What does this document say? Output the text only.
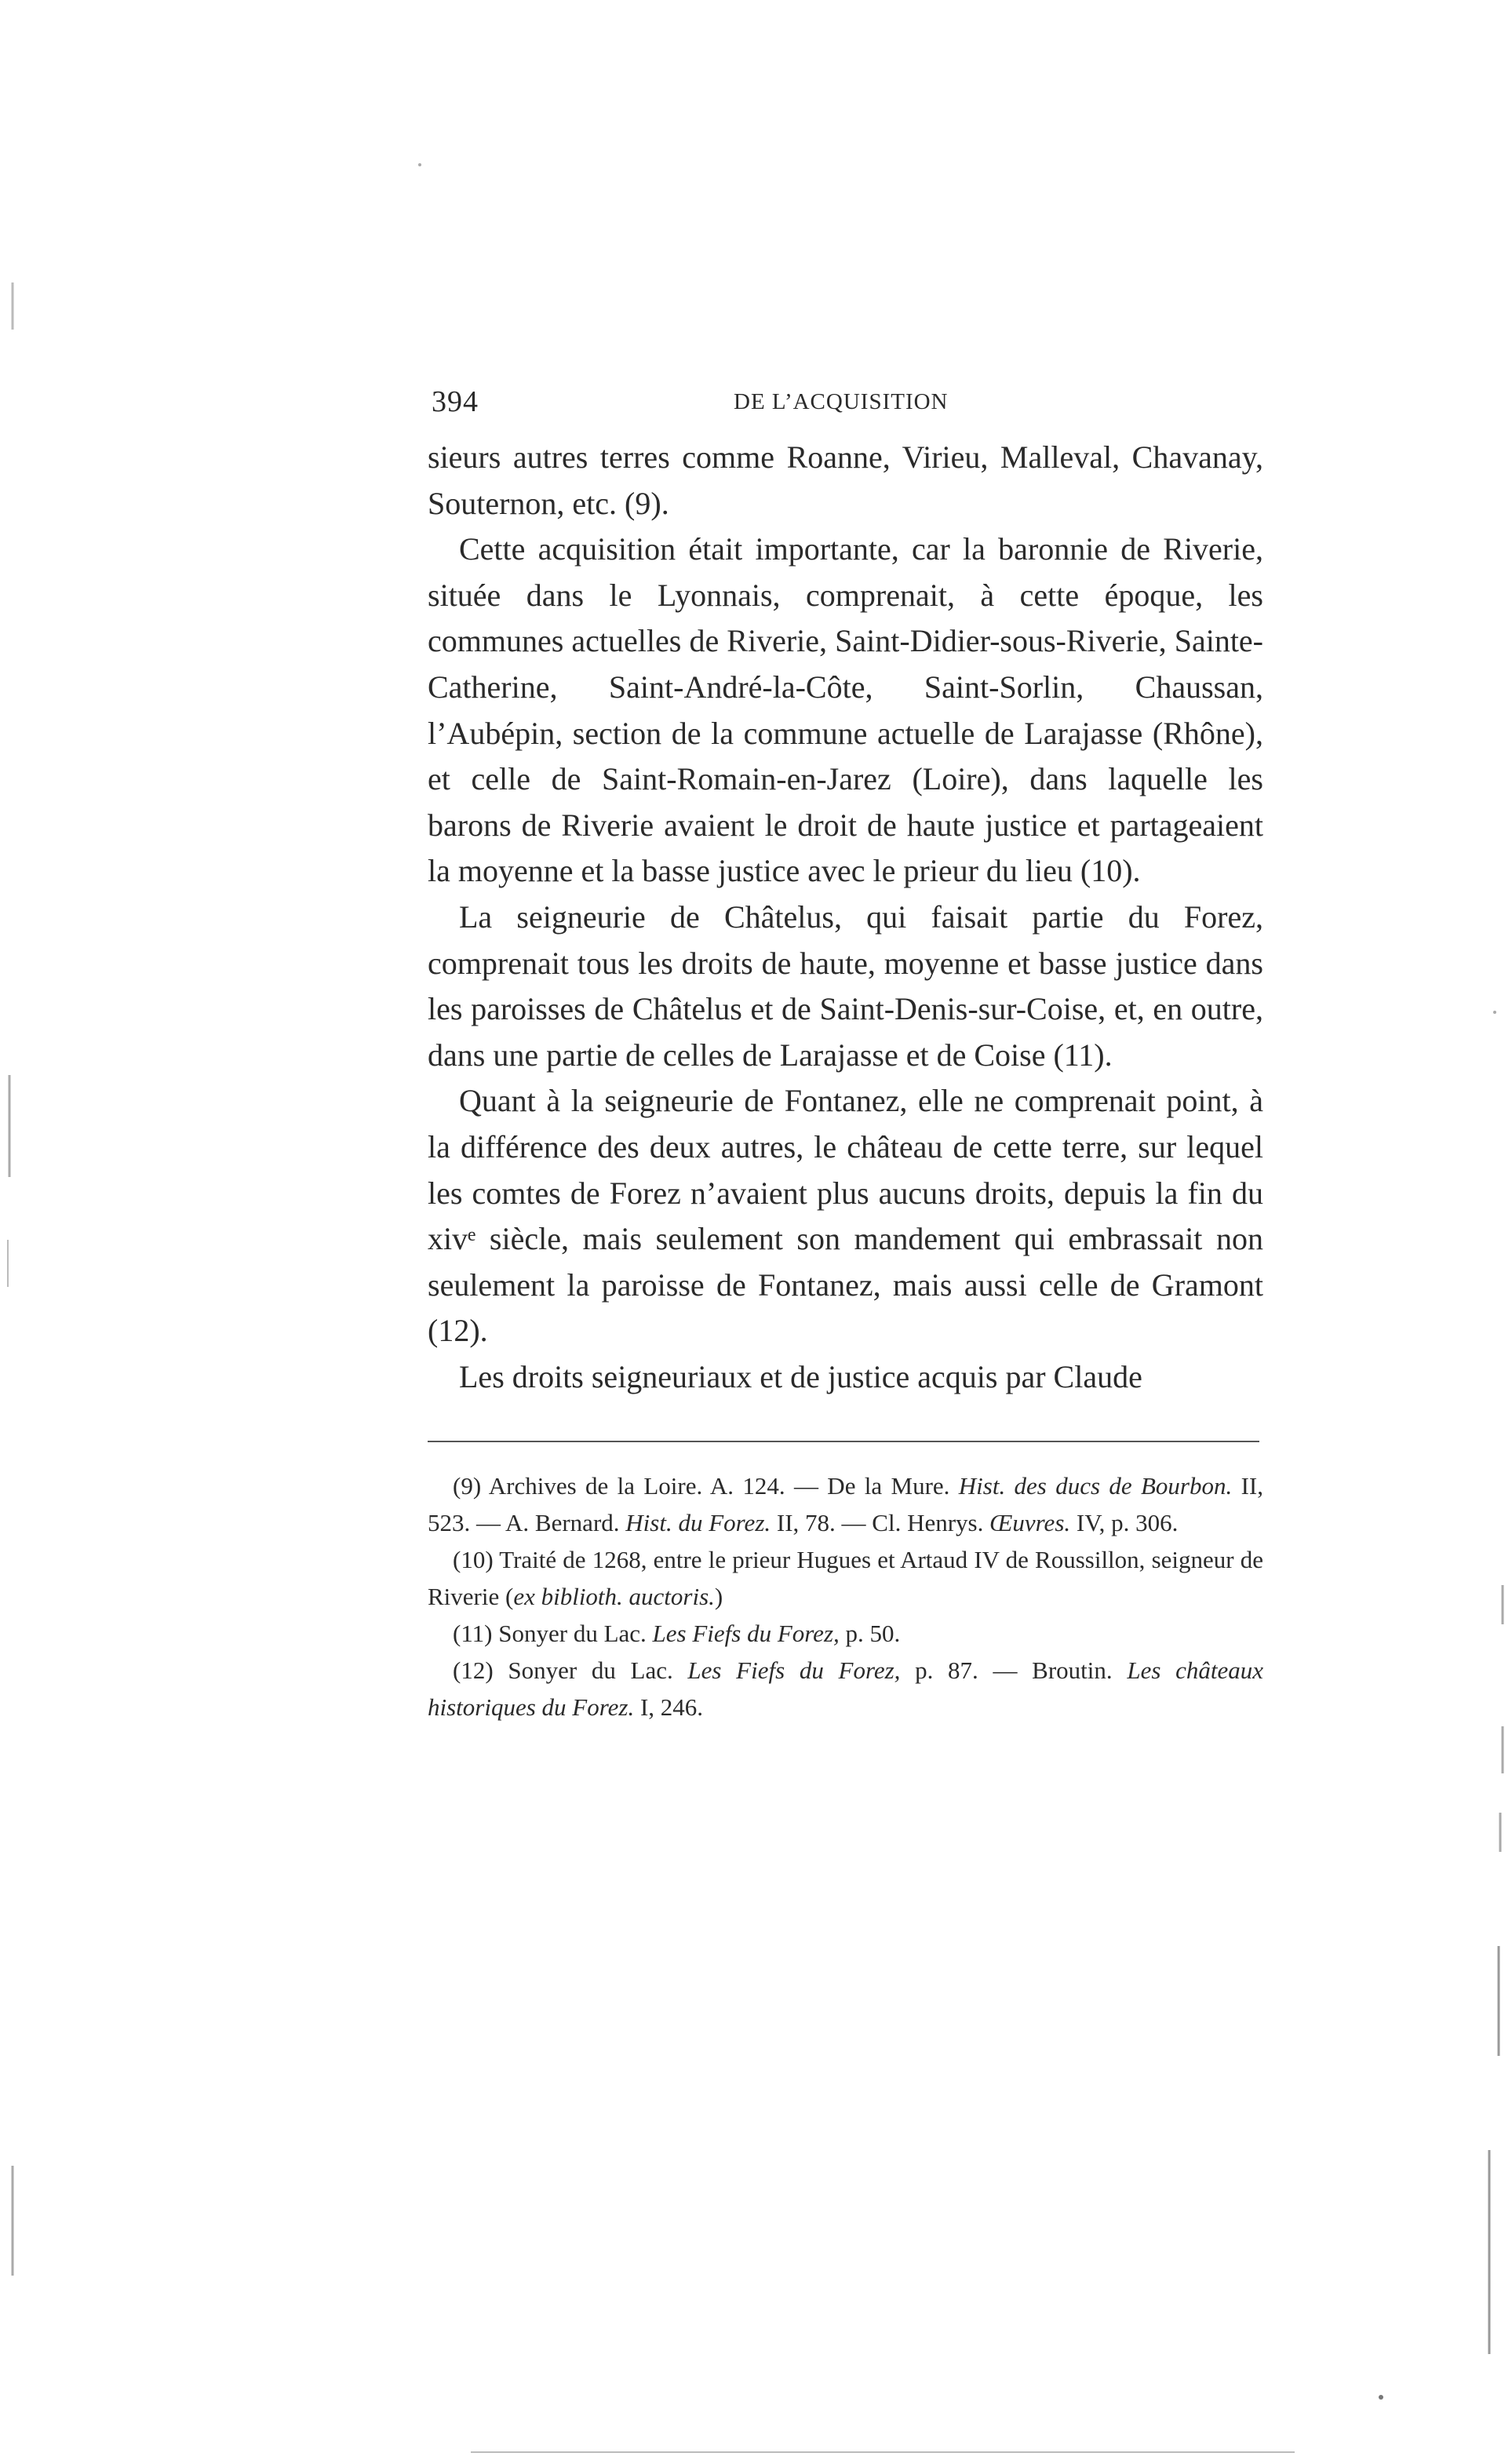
394	DE L’ACQUISITION

sieurs autres terres comme Roanne, Virieu, Malleval, Chavanay, Souternon, etc. (9).

Cette acquisition était importante, car la baronnie de Riverie, située dans le Lyonnais, comprenait, à cette époque, les communes actuelles de Riverie, Saint-Didier-sous-Riverie, Sainte-Catherine, Saint-André-la-Côte, Saint-Sorlin, Chaussan, l’Aubépin, section de la commune actuelle de Larajasse (Rhône), et celle de Saint-Romain-en-Jarez (Loire), dans laquelle les barons de Riverie avaient le droit de haute justice et partageaient la moyenne et la basse justice avec le prieur du lieu (10).

La seigneurie de Châtelus, qui faisait partie du Forez, comprenait tous les droits de haute, moyenne et basse justice dans les paroisses de Châtelus et de Saint-Denis-sur-Coise, et, en outre, dans une partie de celles de Larajasse et de Coise (11).

Quant à la seigneurie de Fontanez, elle ne comprenait point, à la différence des deux autres, le château de cette terre, sur lequel les comtes de Forez n’avaient plus aucuns droits, depuis la fin du xivᵉ siècle, mais seulement son mandement qui embrassait non seulement la paroisse de Fontanez, mais aussi celle de Gramont (12).

Les droits seigneuriaux et de justice acquis par Claude

(9) Archives de la Loire. A. 124. — De la Mure. Hist. des ducs de Bourbon. II, 523. — A. Bernard. Hist. du Forez. II, 78. — Cl. Henrys. Œuvres. IV, p. 306.

(10) Traité de 1268, entre le prieur Hugues et Artaud IV de Roussillon, seigneur de Riverie (ex biblioth. auctoris.)

(11) Sonyer du Lac. Les Fiefs du Forez, p. 50.

(12) Sonyer du Lac. Les Fiefs du Forez, p. 87. — Broutin. Les châteaux historiques du Forez. I, 246.
